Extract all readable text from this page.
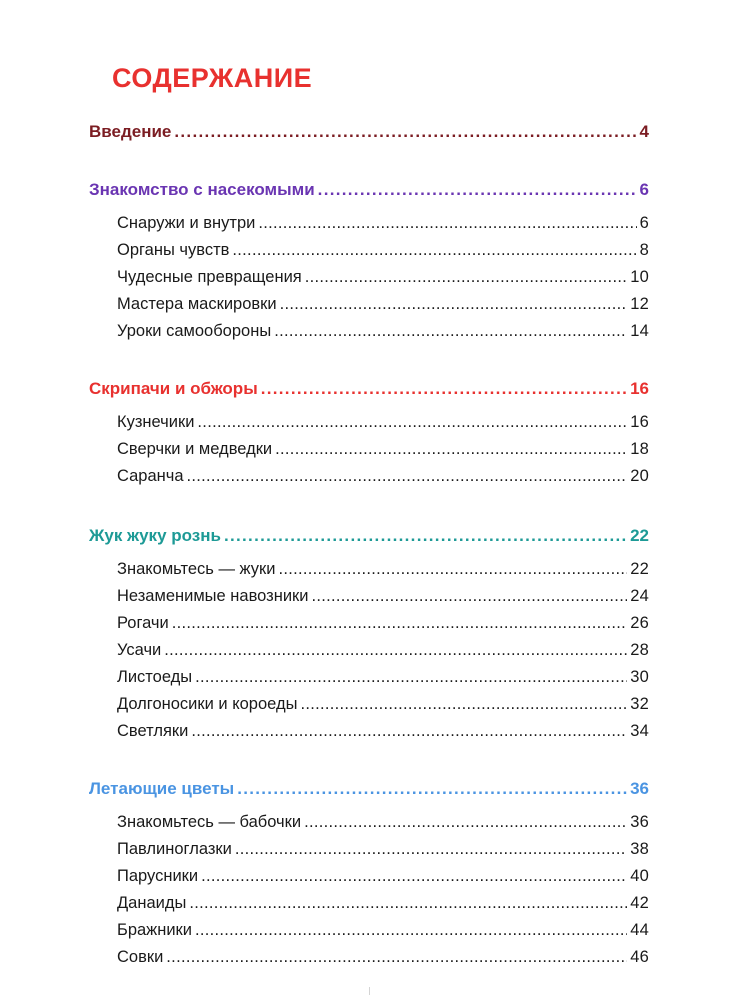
СОДЕРЖАНИЕ
Введение .....	4
Знакомство с насекомыми .....	6
Снаружи и внутри .....	6
Органы чувств .....	8
Чудесные превращения .....	10
Мастера маскировки .....	12
Уроки самообороны .....	14
Скрипачи и обжоры .....	16
Кузнечики .....	16
Сверчки и медведки .....	18
Саранча .....	20
Жук жуку рознь .....	22
Знакомьтесь — жуки .....	22
Незаменимые навозники .....	24
Рогачи .....	26
Усачи .....	28
Листоеды .....	30
Долгоносики и короеды .....	32
Светляки .....	34
Летающие цветы .....	36
Знакомьтесь — бабочки .....	36
Павлиноглазки .....	38
Парусники .....	40
Данаиды .....	42
Бражники .....	44
Совки .....	46
